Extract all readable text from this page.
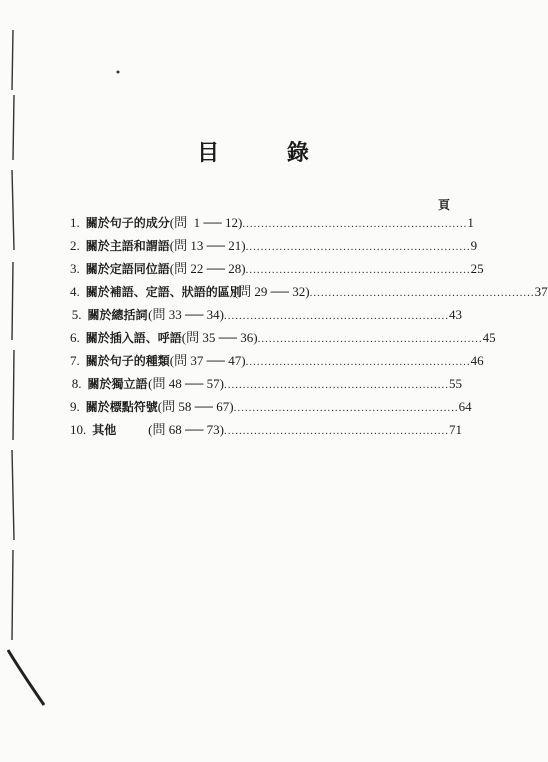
目 錄
頁
1. 關於句子的成分 (問  1 ── 12) ............................................................ 1
2. 關於主語和謂語 (問 13 ── 21) ............................................................ 9
3. 關於定語同位語 (問 22 ── 28) ............................................................ 25
4. 關於補語、定語、狀語的區別
(問 29 ── 32) ............................................................ 37
5. 關於總括詞 (問 33 ── 34) ............................................................ 43
6. 關於插入語、呼語 (問 35 ── 36) ............................................................ 45
7. 關於句子的種類 (問 37 ── 47) ............................................................ 46
8. 關於獨立語 (問 48 ── 57) ............................................................ 55
9. 關於標點符號 (問 58 ── 67) ............................................................ 64
10. 其他	(問 68 ── 73) ............................................................ 71
